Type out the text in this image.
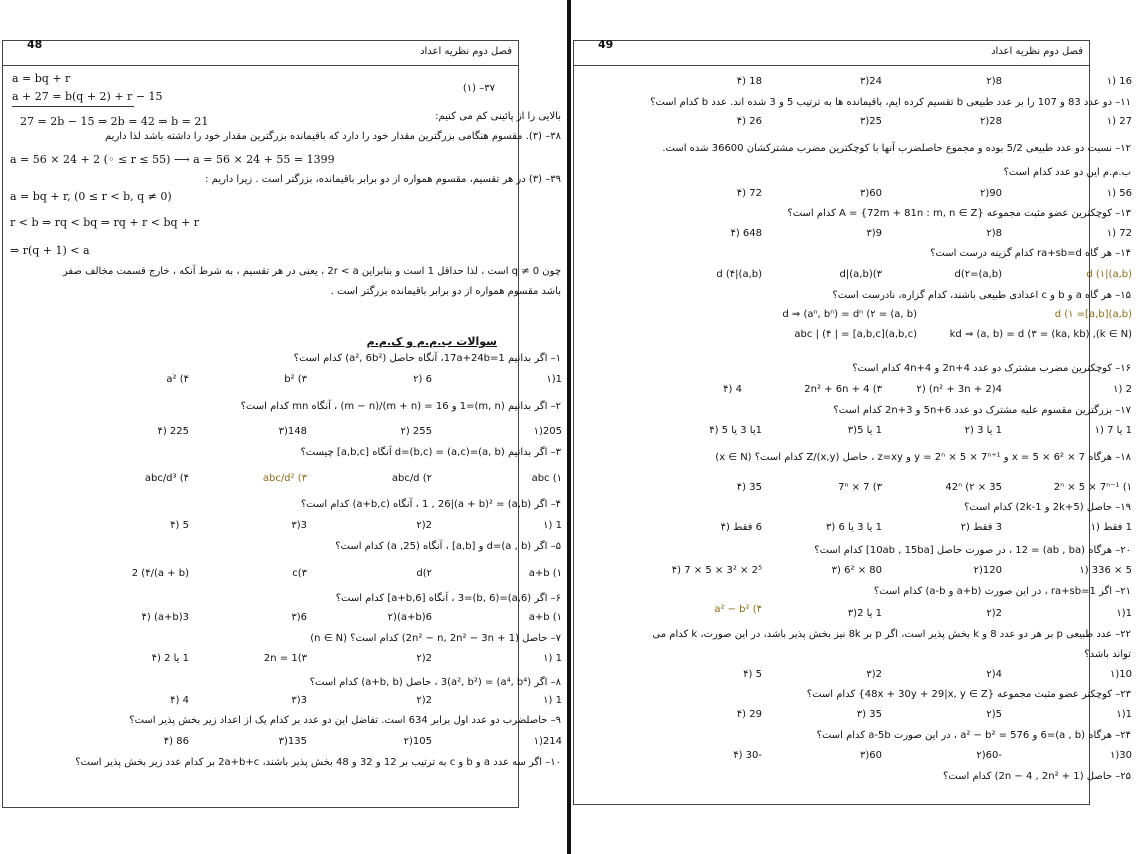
48
فصل دوم نظریه اعداد
a = bq + r
a + 27 = b(q + 2) + r − 15
۳۷– (۱)
بالایی را از پائینی کم می کنیم:
27 = 2b − 15 ⇒ 2b = 42 ⇒ b = 21
۳۸– (۳). مقسوم هنگامی بزرگترین مقدار خود را دارد که باقیمانده بزرگترین مقدار خود را داشته باشد لذا داریم
a = 56 × 24 + 2 (◦ ≤ r ≤ 55) ⟶ a = 56 × 24 + 55 = 1399
۳۹– (۳) در هر تقسیم، مقسوم همواره از دو برابر باقیمانده، بزرگتر است . زیرا داریم :
a = bq + r, (0 ≤ r < b, q ≠ 0)
r < b ⇒ rq < bq ⇒ rq + r < bq + r
⇒ r(q + 1) < a
چون q ≠ 0 است ، لذا حداقل 1 است و بنابراین 2r < a ، یعنی در هر تقسیم ، به شرط آنکه ، خارج قسمت مخالف صفر
باشد مقسوم همواره از دو برابر باقیمانده بزرگتر است .
سوالات ب.م.م و ک.م.م
۱– اگر بدانیم 17a+24b=1، آنگاه حاصل (a², 6b²) کدام است؟
1(۱
6 (۲
b² (۳
a² (۴
۲– اگر بدانیم (m, n)=1 و 16 = (m + n)/(m − n) ، آنگاه mn کدام است؟
205(۱
255 (۲
148(۳
225 (۴
۳– اگر بدانیم (a, b)=(a,c) = (b,c)=d آنگاه [a,b,c] چیست؟
abc (۱
abc/d (۲
abc/d² (۳
abc/d³ (۴
۴– اگر (a,b) = 1 , 26|(a + b)² ، آنگاه (a+b,c) کدام است؟
1 (۱
2(۲
3(۳
5 (۴
۵– اگر (a , b)=d و [a,b] ، آنگاه (25, a) کدام است؟
a+b (۱
d(۲
c(۳
(a + b)/2 (۴
۶– اگر (a,6)=(b, 6)=3 ، آنگاه [a+b,6] کدام است؟
a+b (۱
6(a+b)(۲
6(۳
3(a+b) (۴
۷– حاصل (2n² − n, 2n² − 3n + 1) کدام است؟ (n ∈ N)
1 (۱
2(۲
2n = 1(۳
1 یا 2 (۴
۸– اگر (a⁴, b⁴) = 3(a², b²) ، حاصل (a+b, b) کدام است؟
1 (۱
2(۲
3(۳
4 (۴
۹– حاصلضرب دو عدد اول برابر 634 است. تفاضل این دو عدد بر کدام یک از اعداد زیر بخش پذیر است؟
214(۱
105(۲
135(۳
86 (۴
۱۰– اگر سه عدد a و b و c به ترتیب بر 12 و 32 و 48 بخش پذیر باشند، 2a+b+c بر کدام عدد زیر بخش پذیر است؟
49
فصل دوم نظریه اعداد
16 (۱
8(۲
24(۳
18 (۴
۱۱– دو عدد 83 و 107 را بر عدد طبیعی b تقسیم کرده ایم، باقیمانده ها به ترتیب 5 و 3 شده اند. عدد b کدام است؟
27 (۱
28(۲
25(۳
26 (۴
۱۲– نسبت دو عدد طبیعی 5/2 بوده و مجموع حاصلضرب آنها با کوچکترین مضرب مشترکشان 36600 شده است.
ب.م.م این دو عدد کدام است؟
56 (۱
90(۲
60(۳
72 (۴
۱۳– کوچکترین عضو مثبت مجموعه {72m + 81n : m, n ∈ Z} = A کدام است؟
72 (۱
8(۲
9(۳
648 (۴
۱۴– هر گاه ra+sb=d کدام گزینه درست است؟
(a,b)|d (۱
(a,b)=d(۲
d|(a,b)(۳
(a,b)|d (۴
۱۵– هر گاه a و b و c اعدادی طبیعی باشند، کدام گزاره، نادرست است؟
(a,b)[a,b]= d (۱
(a, b) = d ⇒ (aⁿ, bⁿ) = dⁿ (۲
(k ∈ N), (ka, kb) = kd ⇒ (a, b) = d (۳
(a,b,c)[a,b,c] = | abc | (۴
۱۶– کوچکترین مضرب مشترک دو عدد 2n+4 و 4n+4 کدام است؟
2 (۱
4(n² + 3n + 2) (۲
2n² + 6n + 4 (۳
4 (۴
۱۷– بزرگترین مقسوم علیه مشترک دو عدد 5n+6 و 2n+3 کدام است؟
1 یا 7 (۱
1 یا 3 (۲
1 یا 5(۳
1یا 3 یا 5 (۴
۱۸– هرگاه x = 5 × 6² × 7 و y = 2ⁿ × 5 × 7ⁿ⁺¹ و z=xy ، حاصل Z/(x,y) کدام است؟ (x ∈ N)
2ⁿ × 5 × 7ⁿ⁻¹ (۱
35 × 42ⁿ (۲
7ⁿ × 7 (۳
35 (۴
۱۹– حاصل (2k+5 و 2k-1) کدام است؟
1 فقط (۱
3 فقط (۲
1 یا 3 یا 6 (۳
6 فقط (۴
۲۰– هرگاه (ab , ba) = 12 ، در صورت حاصل [10ab , 15ba] کدام است؟
5 × 336 (۱
120(۲
80 × 6² (۳
2⁵ × 3² × 5 × 7 (۴
۲۱– اگر ra+sb=1 ، در این صورت (a+b و a-b) کدام است؟
1(۱
2(۲
1 یا 2(۳
a² − b² (۴
۲۲– عدد طبیعی p بر هر دو عدد 8 و k بخش پذیر است، اگر p بر 8k نیز بخش پذیر باشد، در این صورت، k کدام می
تواند باشد؟
10(۱
4(۲
2(۳
5 (۴
۲۳– کوچکتر عضو مثبت مجموعه {48x + 30y + 29|x, y ∈ Z} کدام است؟
1(۱
5(۲
35 (۳
29 (۴
۲۴– هرگاه (a , b)=6 و a² − b² = 576 ، در این صورت a-5b کدام است؟
30(۱
-60(۲
60(۳
-30 (۴
۲۵– حاصل (2n − 4 , 2n² + 1) کدام است؟
